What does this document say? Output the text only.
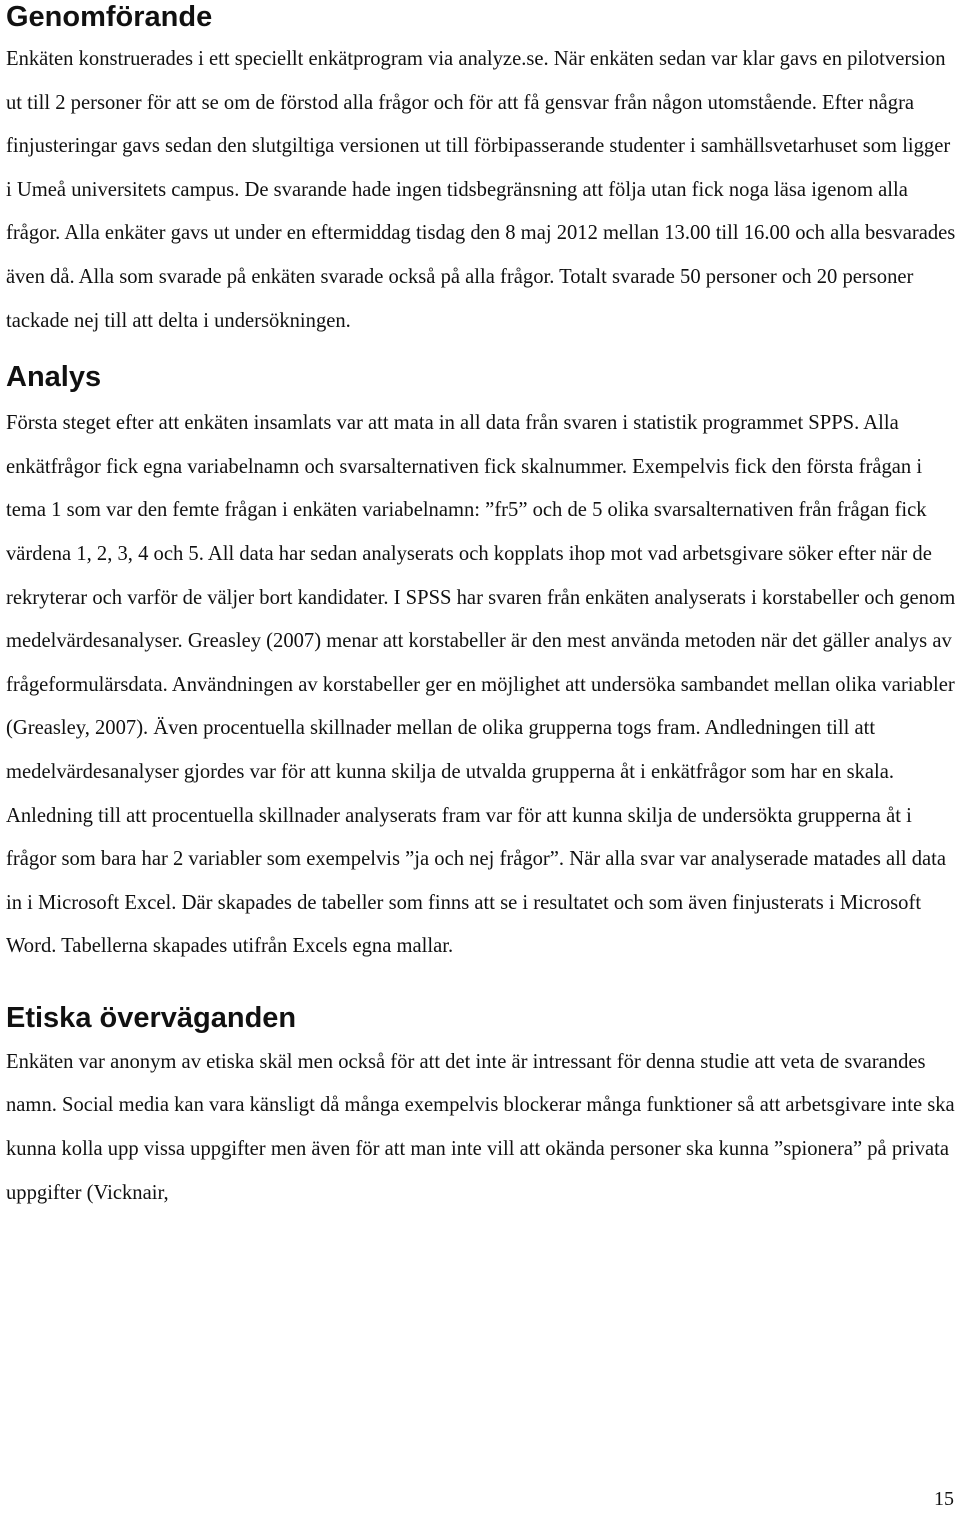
Genomförande

Enkäten konstruerades i ett speciellt enkätprogram via analyze.se. När enkäten sedan var klar gavs en pilotversion ut till 2 personer för att se om de förstod alla frågor och för att få gensvar från någon utomstående. Efter några finjusteringar gavs sedan den slutgiltiga versionen ut till förbipasserande studenter i samhällsvetarhuset som ligger i Umeå universitets campus. De svarande hade ingen tidsbegränsning att följa utan fick noga läsa igenom alla frågor. Alla enkäter gavs ut under en eftermiddag tisdag den 8 maj 2012 mellan 13.00 till 16.00 och alla besvarades även då. Alla som svarade på enkäten svarade också på alla frågor. Totalt svarade 50 personer och 20 personer tackade nej till att delta i undersökningen.

Analys

Första steget efter att enkäten insamlats var att mata in all data från svaren i statistik programmet SPPS. Alla enkätfrågor fick egna variabelnamn och svarsalternativen fick skalnummer. Exempelvis fick den första frågan i tema 1 som var den femte frågan i enkäten variabelnamn: ”fr5” och de 5 olika svarsalternativen från frågan fick värdena 1, 2, 3, 4 och 5. All data har sedan analyserats och kopplats ihop mot vad arbetsgivare söker efter när de rekryterar och varför de väljer bort kandidater. I SPSS har svaren från enkäten analyserats i korstabeller och genom medelvärdesanalyser. Greasley (2007) menar att korstabeller är den mest använda metoden när det gäller analys av frågeformulärsdata. Användningen av korstabeller ger en möjlighet att undersöka sambandet mellan olika variabler (Greasley, 2007). Även procentuella skillnader mellan de olika grupperna togs fram. Andledningen till att medelvärdesanalyser gjordes var för att kunna skilja de utvalda grupperna åt i enkätfrågor som har en skala. Anledning till att procentuella skillnader analyserats fram var för att kunna skilja de undersökta grupperna åt i frågor som bara har 2 variabler som exempelvis ”ja och nej frågor”. När alla svar var analyserade matades all data in i Microsoft Excel. Där skapades de tabeller som finns att se i resultatet och som även finjusterats i Microsoft Word. Tabellerna skapades utifrån Excels egna mallar.

Etiska överväganden

Enkäten var anonym av etiska skäl men också för att det inte är intressant för denna studie att veta de svarandes namn. Social media kan vara känsligt då många exempelvis blockerar många funktioner så att arbetsgivare inte ska kunna kolla upp vissa uppgifter men även för att man inte vill att okända personer ska kunna ”spionera” på privata uppgifter (Vicknair,

15
